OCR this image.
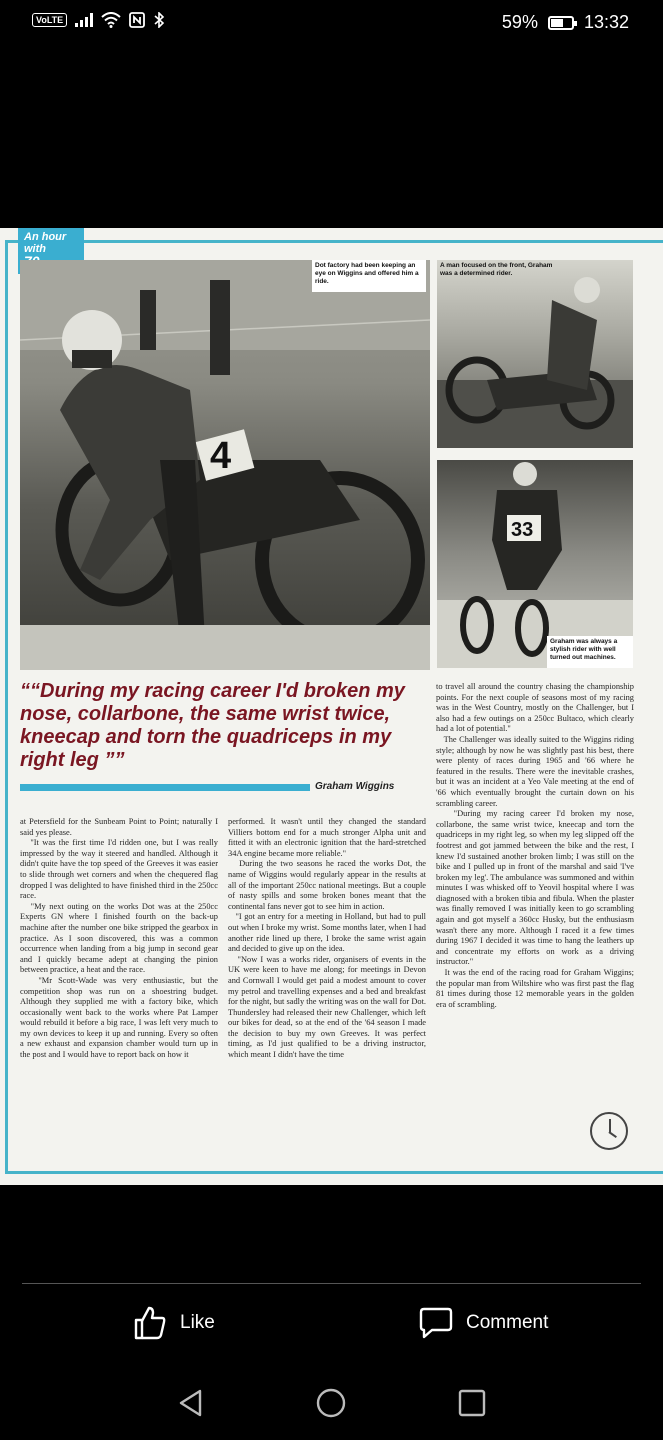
VoLTE	59%	13:32
An hour
with
4
Dot factory had been keeping an eye on Wiggins and offered him a ride.
A man focused on the front, Graham was a determined rider.
33
Graham was always a stylish rider with well turned out machines.
““During my racing career I'd broken my nose, collarbone, the same wrist twice, kneecap and torn the quadriceps in my right leg ””
Graham Wiggins
at Petersfield for the Sunbeam Point to Point; naturally I said yes please.
"It was the first time I'd ridden one, but I was really impressed by the way it steered and handled. Although it didn't quite have the top speed of the Greeves it was easier to slide through wet corners and when the chequered flag dropped I was delighted to have finished third in the 250cc race.
"My next outing on the works Dot was at the 250cc Experts GN where I finished fourth on the back-up machine after the number one bike stripped the gearbox in practice. As I soon discovered, this was a common occurrence when landing from a big jump in second gear and I quickly became adept at changing the pinion between practice, a heat and the race.
"Mr Scott-Wade was very enthusiastic, but the competition shop was run on a shoestring budget. Although they supplied me with a factory bike, which occasionally went back to the works where Pat Lamper would rebuild it before a big race, I was left very much to my own devices to keep it up and running. Every so often a new exhaust and expansion chamber would turn up in the post and I would have to report back on how it
performed. It wasn't until they changed the standard Villiers bottom end for a much stronger Alpha unit and fitted it with an electronic ignition that the hard-stretched 34A engine became more reliable."
During the two seasons he raced the works Dot, the name of Wiggins would regularly appear in the results at all of the important 250cc national meetings. But a couple of nasty spills and some broken bones meant that the continental fans never got to see him in action.
"I got an entry for a meeting in Holland, but had to pull out when I broke my wrist. Some months later, when I had another ride lined up there, I broke the same wrist again and decided to give up on the idea.
"Now I was a works rider, organisers of events in the UK were keen to have me along; for meetings in Devon and Cornwall I would get paid a modest amount to cover my petrol and travelling expenses and a bed and breakfast for the night, but sadly the writing was on the wall for Dot. Thundersley had released their new Challenger, which left our bikes for dead, so at the end of the '64 season I made the decision to buy my own Greeves. It was perfect timing, as I'd just qualified to be a driving instructor, which meant I didn't have the time
to travel all around the country chasing the championship points. For the next couple of seasons most of my racing was in the West Country, mostly on the Challenger, but I also had a few outings on a 250cc Bultaco, which clearly had a lot of potential."
The Challenger was ideally suited to the Wiggins riding style; although by now he was slightly past his best, there were plenty of races during 1965 and '66 where he featured in the results. There were the inevitable crashes, but it was an incident at a Yeo Vale meeting at the end of '66 which eventually brought the curtain down on his scrambling career.
"During my racing career I'd broken my nose, collarbone, the same wrist twice, kneecap and torn the quadriceps in my right leg, so when my leg slipped off the footrest and got jammed between the bike and the rest, I knew I'd sustained another broken limb; I was still on the bike and I pulled up in front of the marshal and said 'I've broken my leg'. The ambulance was summoned and within minutes I was whisked off to Yeovil hospital where I was diagnosed with a broken tibia and fibula. When the plaster was finally removed I was initially keen to go scrambling again and got myself a 360cc Husky, but the enthusiasm wasn't there any more. Although I raced it a few times during 1967 I decided it was time to hang the leathers up and concentrate my efforts on work as a driving instructor."
It was the end of the racing road for Graham Wiggins; the popular man from Wiltshire who was first past the flag 81 times during those 12 memorable years in the golden era of scrambling.
Like	Comment
